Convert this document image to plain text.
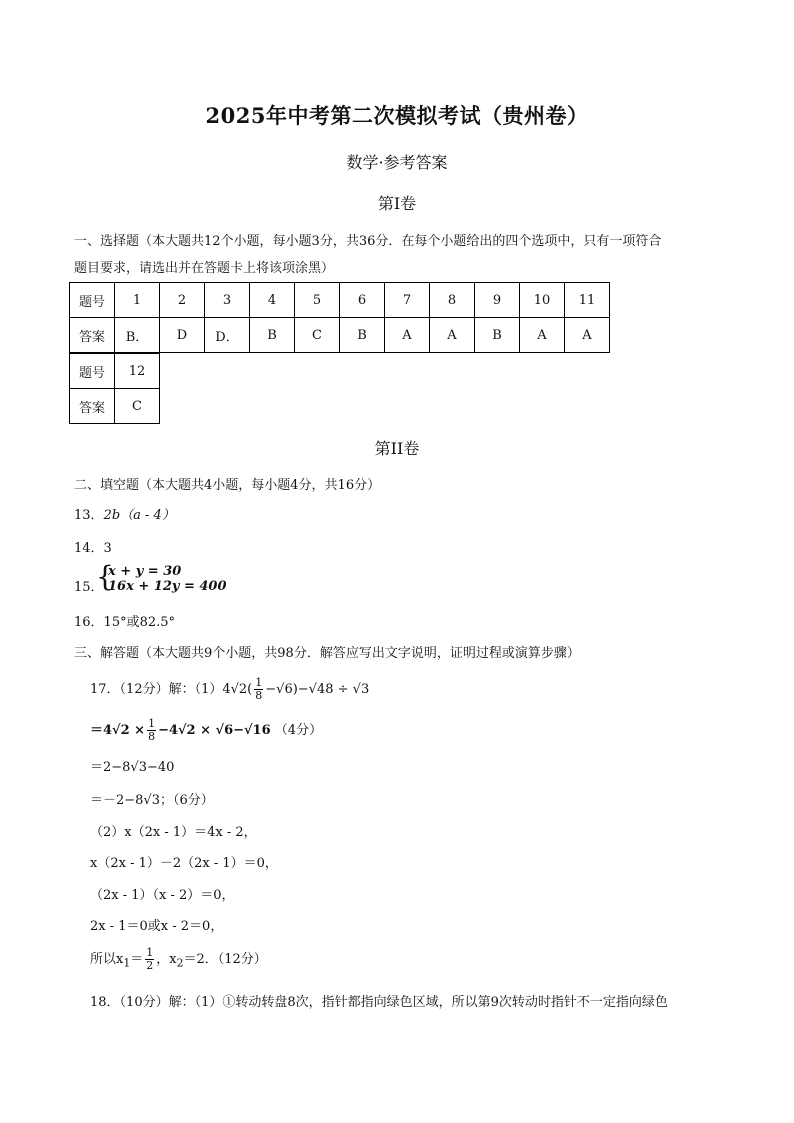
2025年中考第二次模拟考试（贵州卷）
数学·参考答案
第Ⅰ卷
一、选择题（本大题共12个小题，每小题3分，共36分．在每个小题给出的四个选项中，只有一项符合
题目要求，请选出并在答题卡上将该项涂黑）
题号	1	2	3	4	5	6	7	8	9	10	11
答案	B．	D	D．	B	C	B	A	A	B	A	A
题号	12
答案	C
第II卷
二、填空题（本大题共4小题，每小题4分，共16分）
13．2b（a - 4）
14．3
15．
{
x + y = 30
16x + 12y = 400
16．15°或82.5°
三、解答题（本大题共9个小题，共98分．解答应写出文字说明，证明过程或演算步骤）
17．（12分）解：$(1)4√2( \frac{1}{8} -√6)-√48 \div √3$
$=4√2 \times \frac{1}{8} -4√2 \times √6-√16$ （4分）
＝2−8√3−40
＝－2−8√3；（6分）
（2）x（2x - 1）＝4x - 2，
x（2x - 1）－2（2x - 1）＝0，
（2x - 1）（x - 2）＝0，
2x - 1＝0或x - 2＝0，
所以$x_1= \frac{1}{2}$ ，$x_2=2$．（12分）
18．（10分）解：（1）①转动转盘8次，指针都指向绿色区域，所以第9次转动时指针不一定指向绿色
